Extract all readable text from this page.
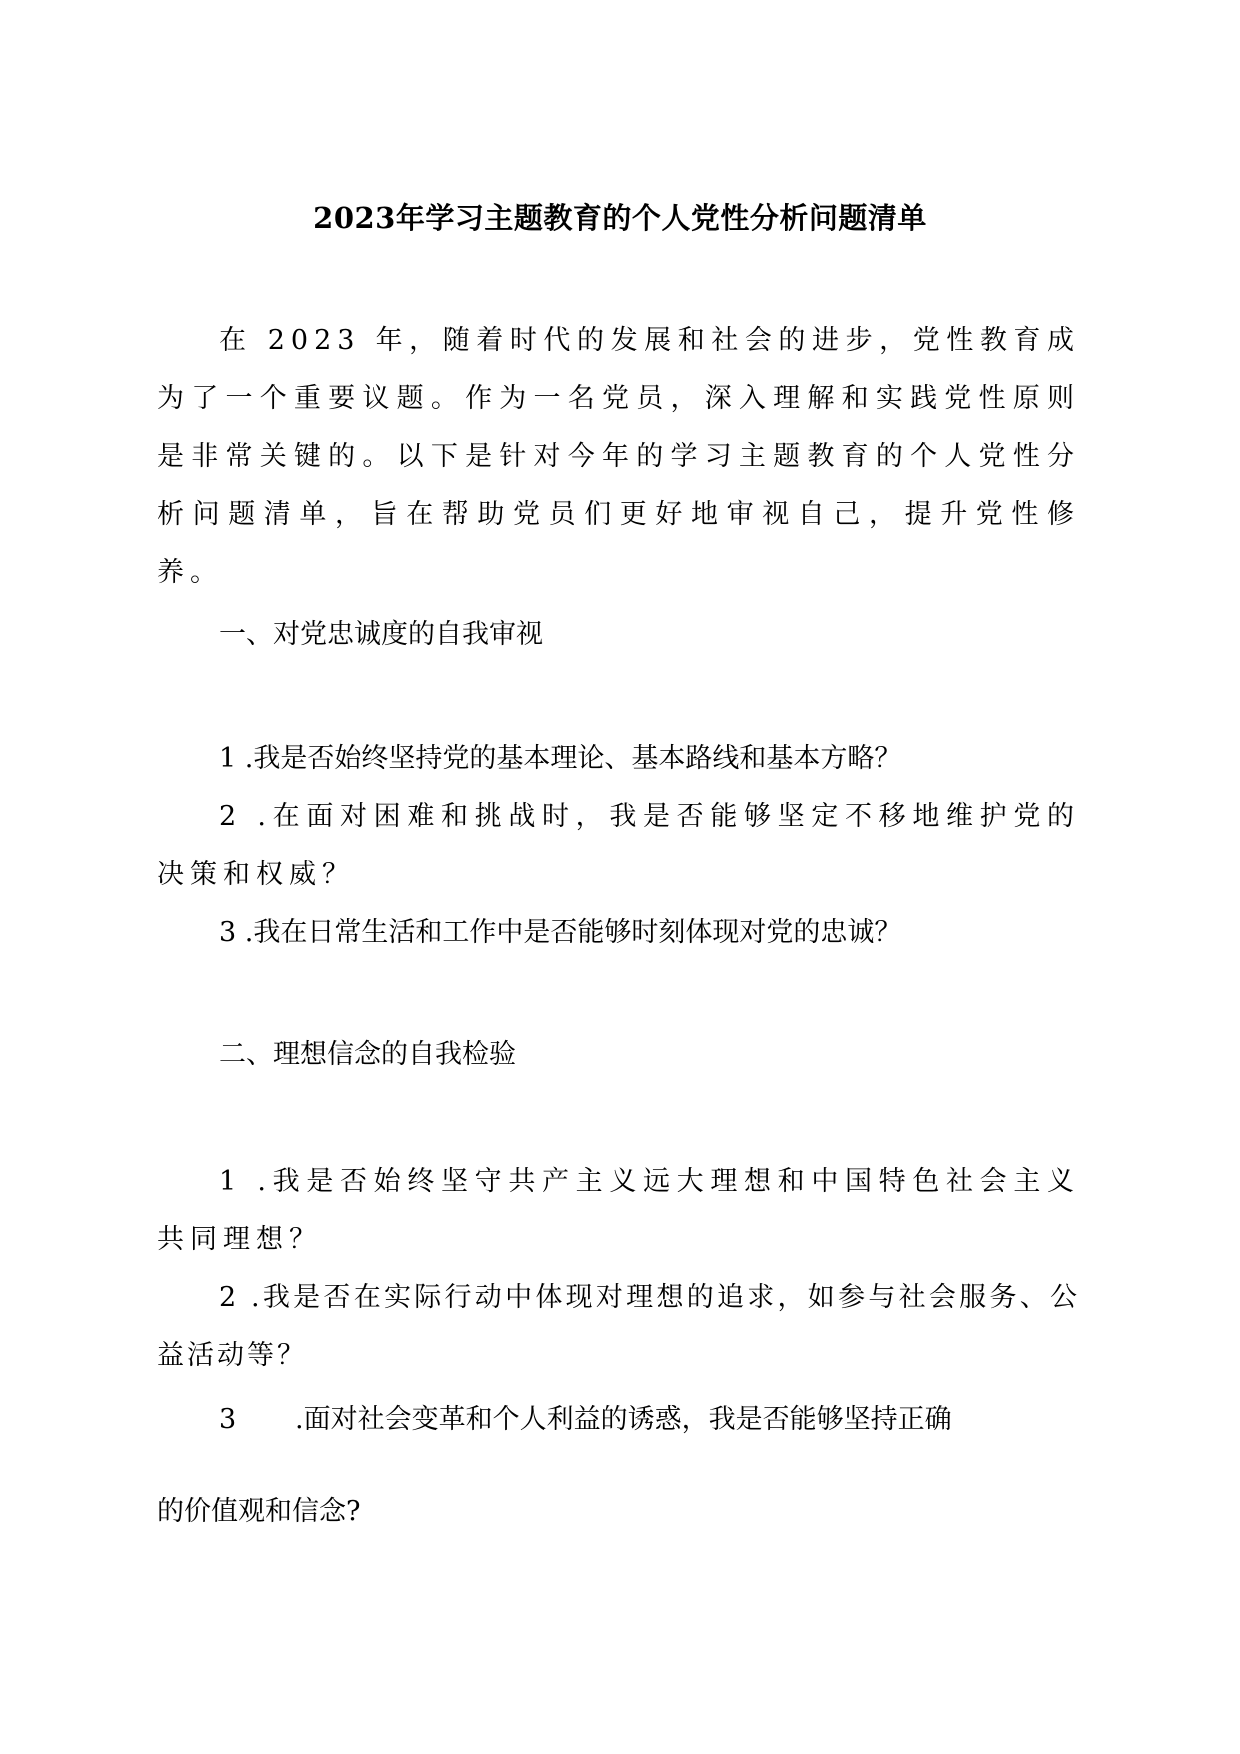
2023年学习主题教育的个人党性分析问题清单

在 2023 年，随着时代的发展和社会的进步，党性教育成为了一个重要议题。作为一名党员，深入理解和实践党性原则是非常关键的。以下是针对今年的学习主题教育的个人党性分析问题清单，旨在帮助党员们更好地审视自己，提升党性修养。

一、对党忠诚度的自我审视

1 .我是否始终坚持党的基本理论、基本路线和基本方略？

2 .在面对困难和挑战时，我是否能够坚定不移地维护党的决策和权威？

3 .我在日常生活和工作中是否能够时刻体现对党的忠诚？

二、理想信念的自我检验

1 .我是否始终坚守共产主义远大理想和中国特色社会主义共同理想？

2 .我是否在实际行动中体现对理想的追求，如参与社会服务、公益活动等？

3 .面对社会变革和个人利益的诱惑，我是否能够坚持正确
的价值观和信念?
